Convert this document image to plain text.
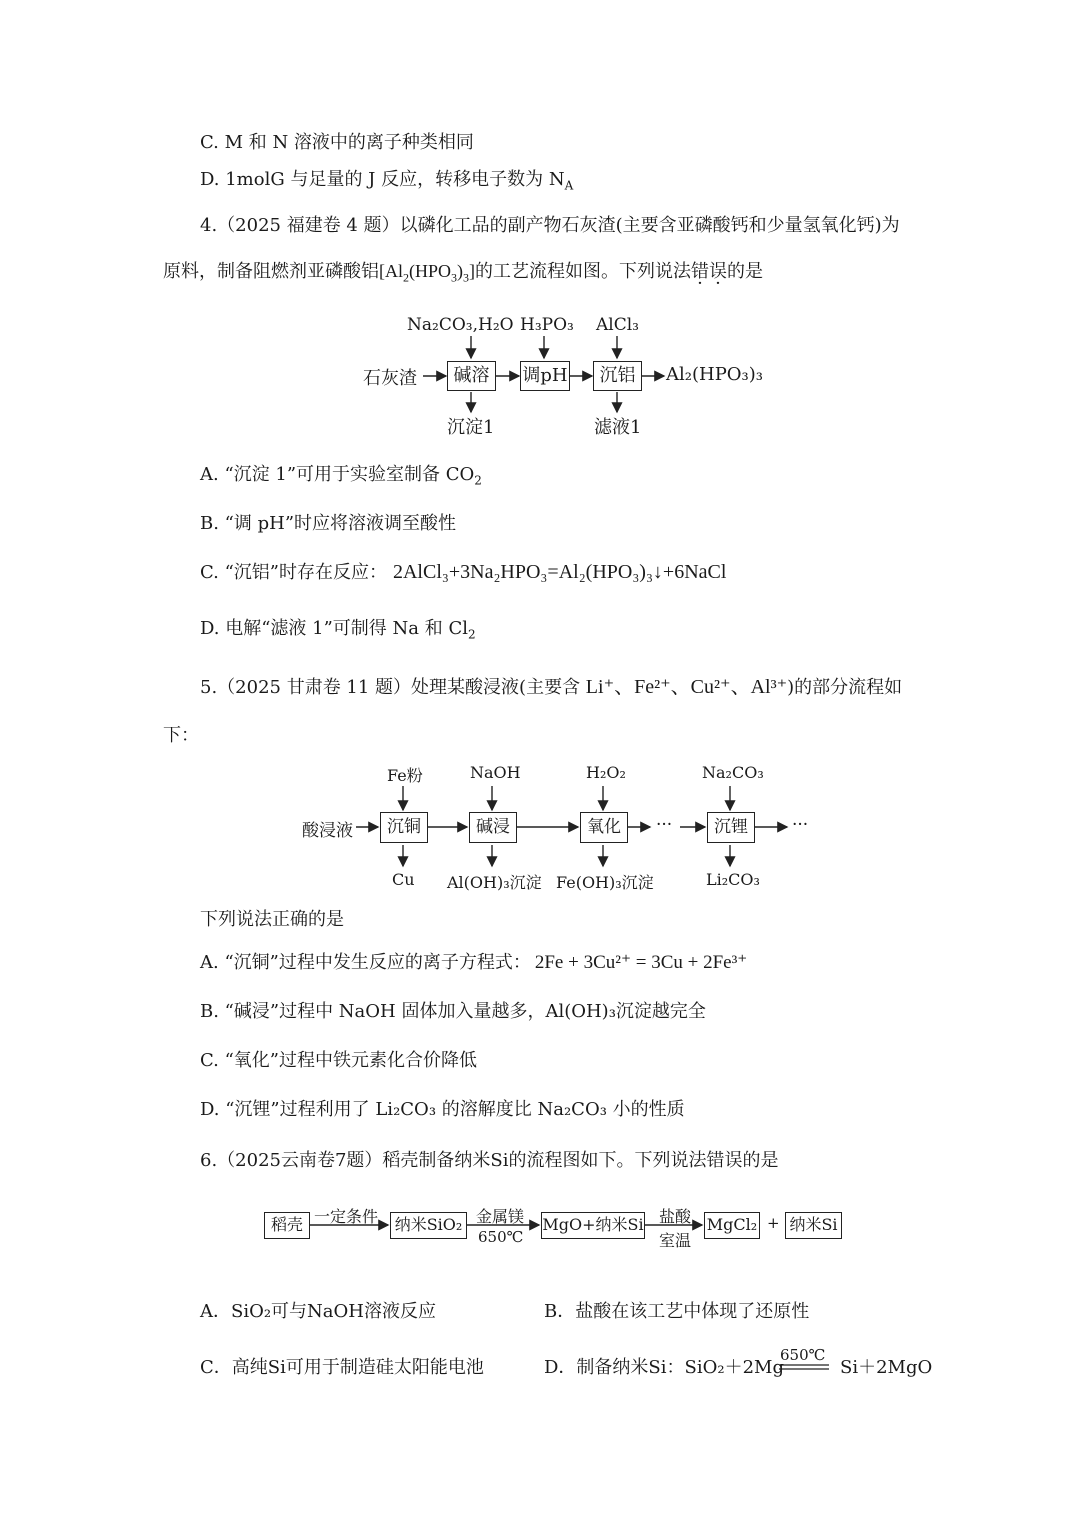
C. M 和 N 溶液中的离子种类相同
D. 1molG 与足量的 J 反应，转移电子数为 $N_A$
4.（2025 福建卷 4 题）以磷化工品的副产物石灰渣(主要含亚磷酸钙和少量氢氧化钙)为
原料，制备阻燃剂亚磷酸铝$[Al_2(HPO_3)_3]$的工艺流程如图。下列说法错误的是
Na₂CO₃,H₂O H₃PO₃ AlCl₃
石灰渣	碱溶	调pH	沉铝	Al₂(HPO₃)₃
沉淀1	滤液1
Fe粉	NaOH	H₂O₂	Na₂CO₃
酸浸液	沉铜	碱浸	氧化	···	沉锂	···
Cu Al(OH)₃沉淀 Fe(OH)₃沉淀	Li₂CO₃
稻壳 一定条件 纳米SiO₂ 金属镁
650℃
MgO+纳米Si 盐酸
室温
MgCl₂ + 纳米Si
A. “沉淀 1”可用于实验室制备 $CO_2$
B. “调 pH”时应将溶液调至酸性
C. “沉铝”时存在反应： 2AlCl₃+3Na₂HPO₃=Al₂(HPO₃)₃↓+6NaCl
D. 电解“滤液 1”可制得 Na 和 $Cl_2$
5.（2025 甘肃卷 11 题）处理某酸浸液(主要含 Li⁺、Fe²⁺、Cu²⁺、Al³⁺)的部分流程如
下：
下列说法正确的是
A. “沉铜”过程中发生反应的离子方程式： 2Fe + 3Cu²⁺ = 3Cu + 2Fe³⁺
B. “碱浸”过程中 NaOH 固体加入量越多，Al(OH)₃沉淀越完全
C. “氧化”过程中铁元素化合价降低
D. “沉锂”过程利用了 Li₂CO₃ 的溶解度比 Na₂CO₃ 小的性质
6.（2025云南卷7题）稻壳制备纳米Si的流程图如下。下列说法错误的是
A．SiO₂可与NaOH溶液反应	B．盐酸在该工艺中体现了还原性
C．高纯Si可用于制造硅太阳能电池	D．制备纳米Si：SiO₂＋2Mg	Si＋2MgO
650℃
